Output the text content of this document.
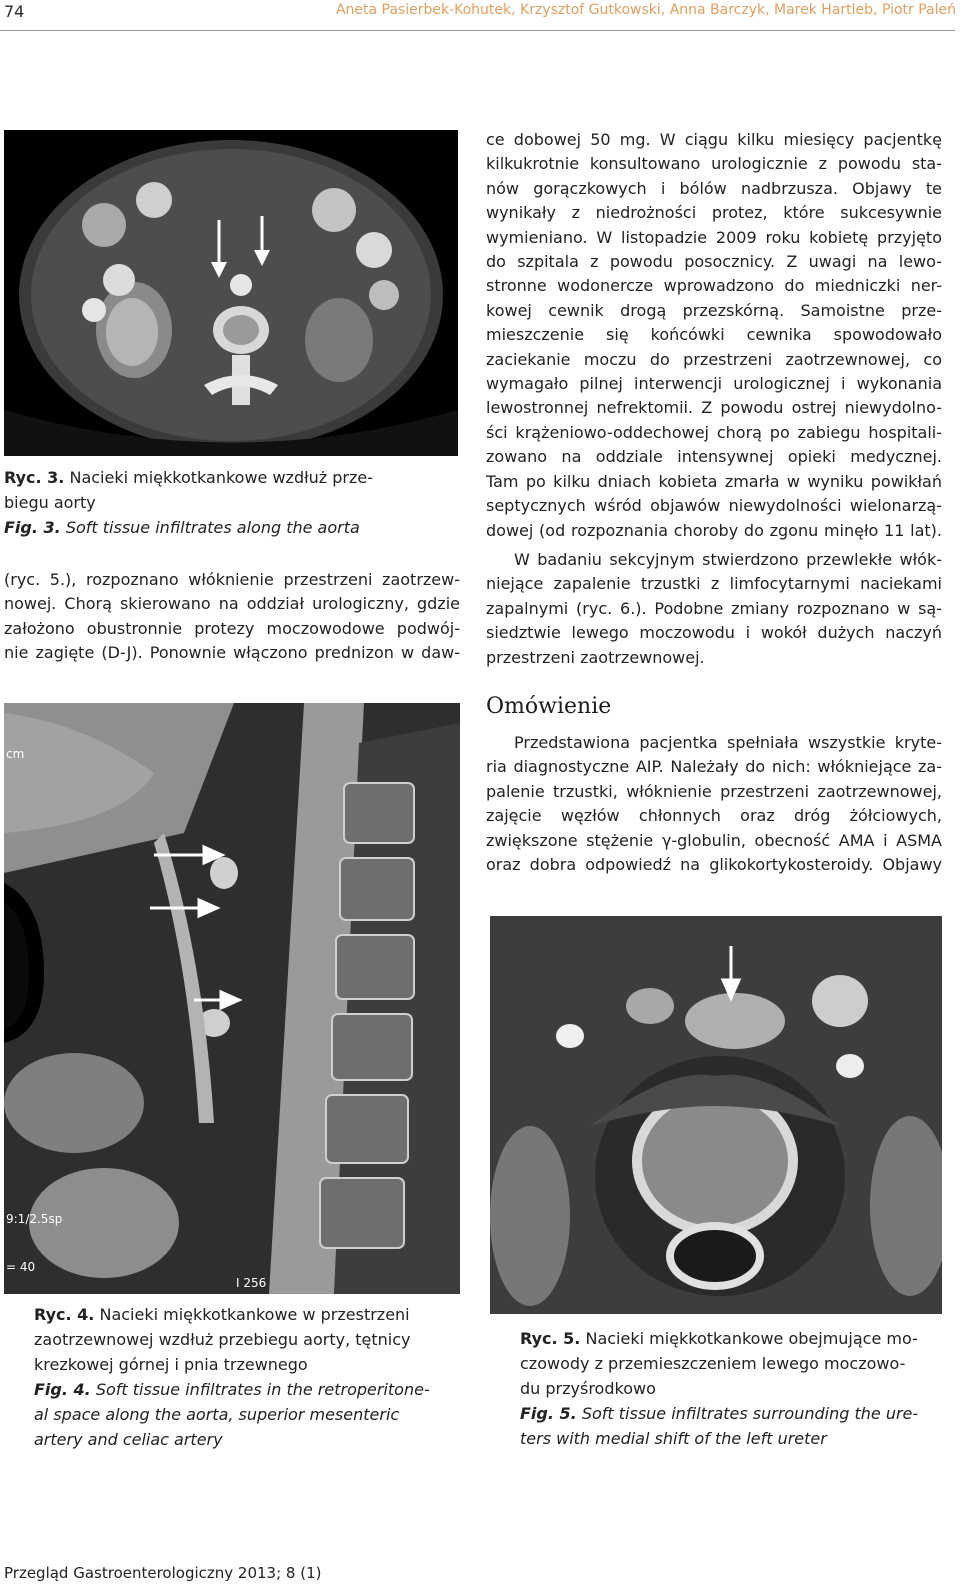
74	Aneta Pasierbek-Kohutek, Krzysztof Gutkowski, Anna Barczyk, Marek Hartleb, Piotr Paleń
Ryc. 3. Nacieki miękkotkankowe wzdłuż prze-
biegu aorty
Fig. 3. Soft tissue infiltrates along the aorta
(ryc. 5.), rozpoznano włóknienie przestrzeni zaotrzew-
nowej. Chorą skierowano na oddział urologiczny, gdzie
założono obustronnie protezy moczowodowe podwój-
nie zagięte (D-J). Ponownie włączono prednizon w daw-
ce dobowej 50 mg. W ciągu kilku miesięcy pacjentkę
kilkukrotnie konsultowano urologicznie z powodu sta-
nów gorączkowych i bólów nadbrzusza. Objawy te
wynikały z niedrożności protez, które sukcesywnie
wymieniano. W listopadzie 2009 roku kobietę przyjęto
do szpitala z powodu posocznicy. Z uwagi na lewo-
stronne wodonercze wprowadzono do miedniczki ner-
kowej cewnik drogą przezskórną. Samoistne prze-
mieszczenie się końcówki cewnika spowodowało
zaciekanie moczu do przestrzeni zaotrzewnowej, co
wymagało pilnej interwencji urologicznej i wykonania
lewostronnej nefrektomii. Z powodu ostrej niewydolno-
ści krążeniowo-oddechowej chorą po zabiegu hospitali-
zowano na oddziale intensywnej opieki medycznej.
Tam po kilku dniach kobieta zmarła w wyniku powikłań
septycznych wśród objawów niewydolności wielonarzą-
dowej (od rozpoznania choroby do zgonu minęło 11 lat).
W badaniu sekcyjnym stwierdzono przewlekłe włók-
niejące zapalenie trzustki z limfocytarnymi naciekami
zapalnymi (ryc. 6.). Podobne zmiany rozpoznano w są-
siedztwie lewego moczowodu i wokół dużych naczyń
przestrzeni zaotrzewnowej.
Omówienie
Przedstawiona pacjentka spełniała wszystkie kryte-
ria diagnostyczne AIP. Należały do nich: włókniejące za-
palenie trzustki, włóknienie przestrzeni zaotrzewnowej,
zajęcie węzłów chłonnych oraz dróg żółciowych,
zwiększone stężenie γ-globulin, obecność AMA i ASMA
oraz dobra odpowiedź na glikokortykosteroidy. Objawy
cm
9:1/2.5sp
= 40
I 256
Ryc. 4. Nacieki miękkotkankowe w przestrzeni
zaotrzewnowej wzdłuż przebiegu aorty, tętnicy
krezkowej górnej i pnia trzewnego
Fig. 4. Soft tissue infiltrates in the retroperitone-
al space along the aorta, superior mesenteric
artery and celiac artery
Ryc. 5. Nacieki miękkotkankowe obejmujące mo-
czowody z przemieszczeniem lewego moczowo-
du przyśrodkowo
Fig. 5. Soft tissue infiltrates surrounding the ure-
ters with medial shift of the left ureter
Przegląd Gastroenterologiczny 2013; 8 (1)
